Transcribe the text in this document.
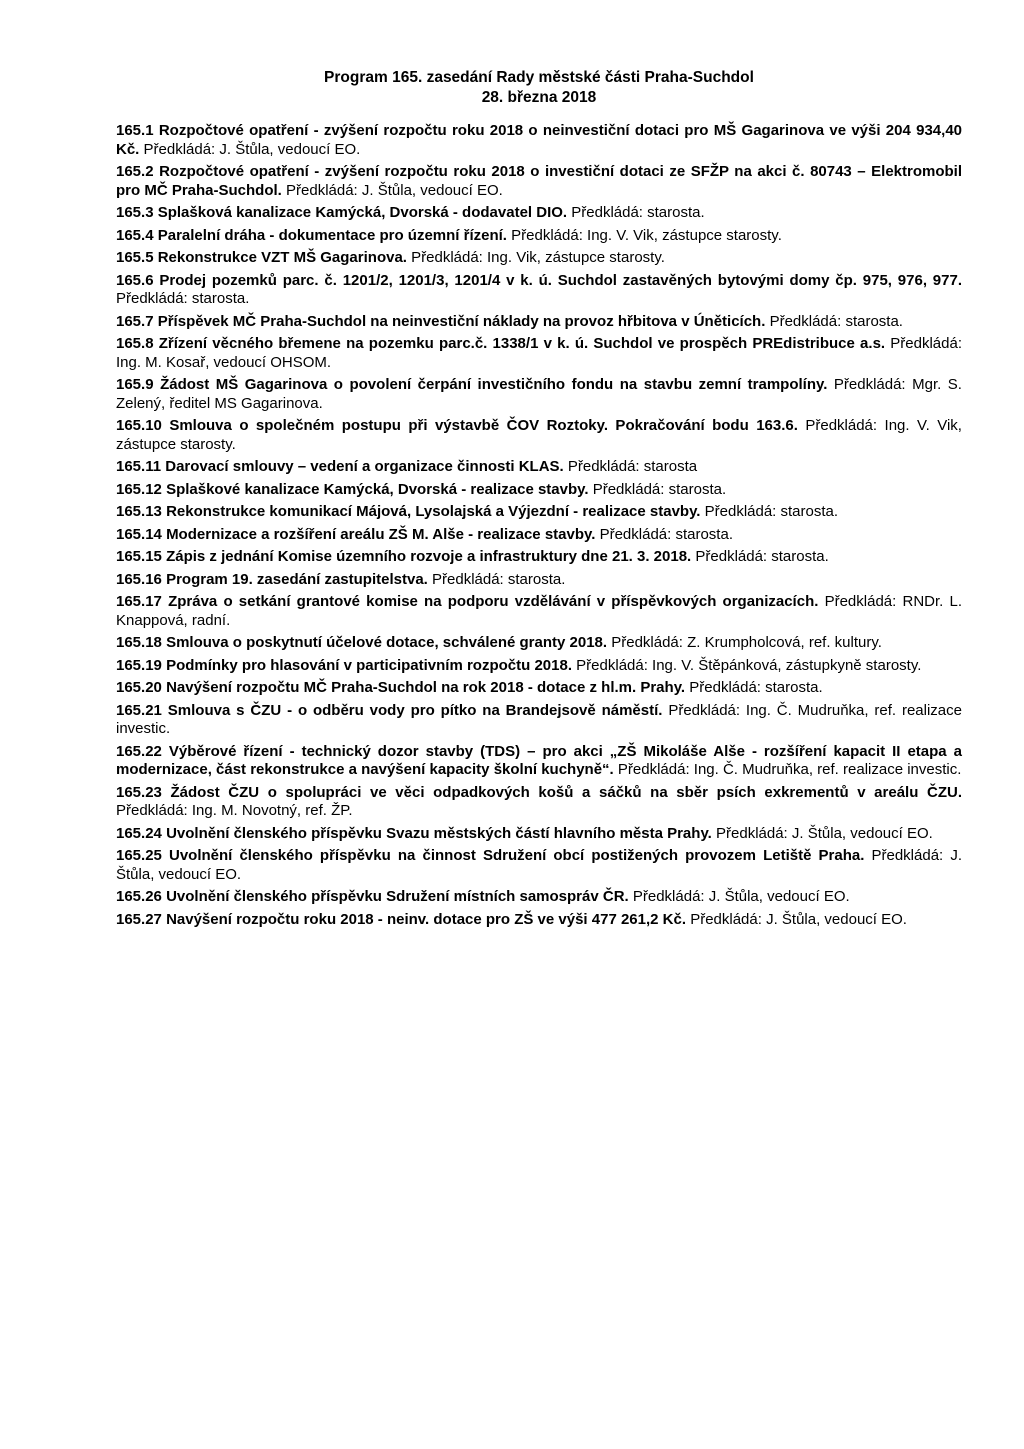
Program 165. zasedání Rady městské části Praha-Suchdol
28. března 2018

165.1 Rozpočtové opatření - zvýšení rozpočtu roku 2018 o neinvestiční dotaci pro MŠ Gagarinova ve výši 204 934,40 Kč. Předkládá: J. Štůla, vedoucí EO.

165.2 Rozpočtové opatření - zvýšení rozpočtu roku 2018 o investiční dotaci ze SFŽP na akci č. 80743 – Elektromobil pro MČ Praha-Suchdol. Předkládá: J. Štůla, vedoucí EO.

165.3 Splašková kanalizace Kamýcká, Dvorská - dodavatel DIO. Předkládá: starosta.

165.4 Paralelní dráha - dokumentace pro územní řízení. Předkládá: Ing. V. Vik, zástupce starosty.

165.5 Rekonstrukce VZT MŠ Gagarinova. Předkládá: Ing. Vik, zástupce starosty.

165.6 Prodej pozemků parc. č. 1201/2, 1201/3, 1201/4 v k. ú. Suchdol zastavěných bytovými domy čp. 975, 976, 977. Předkládá: starosta.

165.7 Příspěvek MČ Praha-Suchdol na neinvestiční náklady na provoz hřbitova v Úněticích. Předkládá: starosta.

165.8 Zřízení věcného břemene na pozemku parc.č. 1338/1 v k. ú. Suchdol ve prospěch PREdistribuce a.s. Předkládá: Ing. M. Kosař, vedoucí OHSOM.

165.9 Žádost MŠ Gagarinova o povolení čerpání investičního fondu na stavbu zemní trampolíny. Předkládá: Mgr. S. Zelený, ředitel MS Gagarinova.

165.10 Smlouva o společném postupu při výstavbě ČOV Roztoky. Pokračování bodu 163.6. Předkládá: Ing. V. Vik, zástupce starosty.

165.11 Darovací smlouvy – vedení a organizace činnosti KLAS. Předkládá: starosta

165.12 Splaškové kanalizace Kamýcká, Dvorská - realizace stavby. Předkládá: starosta.

165.13 Rekonstrukce komunikací Májová, Lysolajská a Výjezdní - realizace stavby. Předkládá: starosta.

165.14 Modernizace a rozšíření areálu ZŠ M. Alše - realizace stavby. Předkládá: starosta.

165.15 Zápis z jednání Komise územního rozvoje a infrastruktury dne 21. 3. 2018. Předkládá: starosta.

165.16 Program 19. zasedání zastupitelstva. Předkládá: starosta.

165.17 Zpráva o setkání grantové komise na podporu vzdělávání v příspěvkových organizacích. Předkládá: RNDr. L. Knappová, radní.

165.18 Smlouva o poskytnutí účelové dotace, schválené granty 2018. Předkládá: Z. Krumpholcová, ref. kultury.

165.19 Podmínky pro hlasování v participativním rozpočtu 2018. Předkládá: Ing. V. Štěpánková, zástupkyně starosty.

165.20 Navýšení rozpočtu MČ Praha-Suchdol na rok 2018 - dotace z hl.m. Prahy. Předkládá: starosta.

165.21 Smlouva s ČZU - o odběru vody pro pítko na Brandejsově náměstí. Předkládá: Ing. Č. Mudruňka, ref. realizace investic.

165.22 Výběrové řízení - technický dozor stavby (TDS) – pro akci „ZŠ Mikoláše Alše - rozšíření kapacit II etapa a modernizace, část rekonstrukce a navýšení kapacity školní kuchyně“. Předkládá: Ing. Č. Mudruňka, ref. realizace investic.

165.23 Žádost ČZU o spolupráci ve věci odpadkových košů a sáčků na sběr psích exkrementů v areálu ČZU. Předkládá: Ing. M. Novotný, ref. ŽP.

165.24 Uvolnění členského příspěvku Svazu městských částí hlavního města Prahy. Předkládá: J. Štůla, vedoucí EO.

165.25 Uvolnění členského příspěvku na činnost Sdružení obcí postižených provozem Letiště Praha. Předkládá: J. Štůla, vedoucí EO.

165.26 Uvolnění členského příspěvku Sdružení místních samospráv ČR. Předkládá: J. Štůla, vedoucí EO.

165.27 Navýšení rozpočtu roku 2018 - neinv. dotace pro ZŠ ve výši 477 261,2 Kč. Předkládá: J. Štůla, vedoucí EO.
